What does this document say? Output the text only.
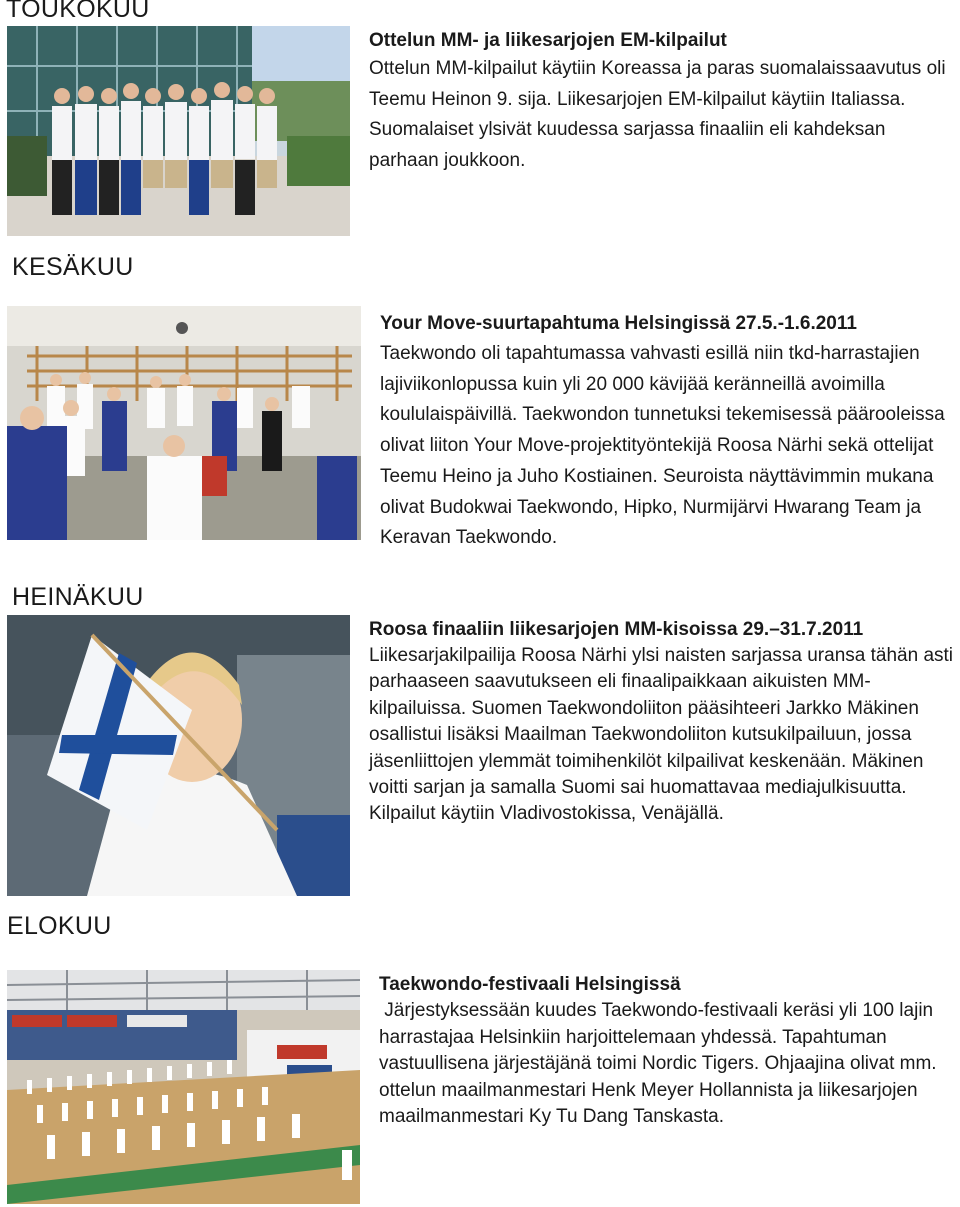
TOUKOKUU

Ottelun MM- ja liikesarjojen EM-kilpailut

Ottelun MM-kilpailut käytiin Koreassa ja paras suomalaissaavutus oli Teemu Heinon 9. sija. Liikesarjojen EM-kilpailut käytiin Italiassa. Suomalaiset ylsivät kuudessa sarjassa finaaliin eli kahdeksan parhaan joukkoon.

KESÄKUU

Your Move-suurtapahtuma Helsingissä 27.5.-1.6.2011

Taekwondo oli tapahtumassa vahvasti esillä niin tkd-harrastajien lajiviikonlopussa kuin yli 20 000 kävijää keränneillä avoimilla koululaispäivillä. Taekwondon tunnetuksi tekemisessä päärooleissa olivat liiton Your Move-projektityöntekijä Roosa Närhi sekä ottelijat Teemu Heino ja Juho Kostiainen. Seuroista näyttävimmin mukana olivat Budokwai Taekwondo, Hipko, Nurmijärvi Hwarang Team ja Keravan Taekwondo.

HEINÄKUU

Roosa finaaliin liikesarjojen MM-kisoissa 29.–31.7.2011

Liikesarjakilpailija Roosa Närhi ylsi naisten sarjassa uransa tähän asti parhaaseen saavutukseen eli finaalipaikkaan aikuisten MM-kilpailuissa. Suomen Taekwondoliiton pääsihteeri Jarkko Mäkinen osallistui lisäksi Maailman Taekwondoliiton kutsukilpailuun, jossa jäsenliittojen ylemmät toimihenkilöt kilpailivat keskenään. Mäkinen voitti sarjan ja samalla Suomi sai huomattavaa mediajulkisuutta. Kilpailut käytiin Vladivostokissa, Venäjällä.

ELOKUU

Taekwondo-festivaali Helsingissä

Järjestyksessään kuudes Taekwondo-festivaali keräsi yli 100 lajin harrastajaa Helsinkiin harjoittelemaan yhdessä. Tapahtuman vastuullisena järjestäjänä toimi Nordic Tigers. Ohjaajina olivat mm. ottelun maailmanmestari Henk Meyer Hollannista ja liikesarjojen maailmanmestari Ky Tu Dang Tanskasta.
